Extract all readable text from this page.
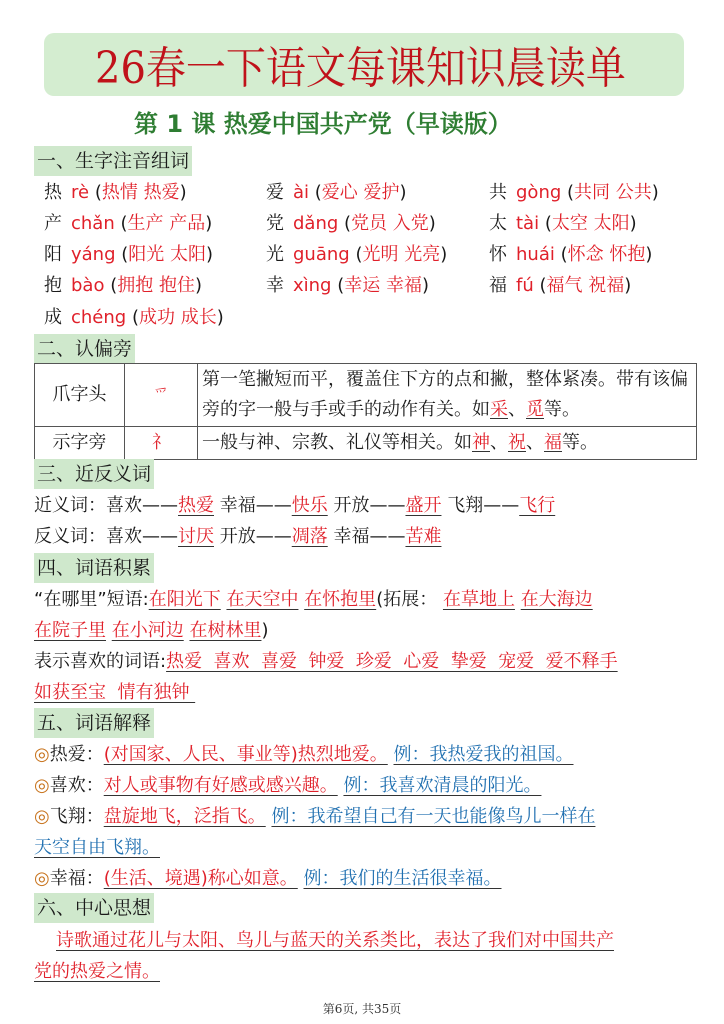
26春一下语文每课知识晨读单
第 1 课 热爱中国共产党（早读版）
一、生字注音组词
热 rè (热情 热爱)	爱 ài (爱心 爱护)	共 gòng (共同 公共)
产 chǎn (生产 产品)	党 dǎng (党员 入党)	太 tài (太空 太阳)
阳 yáng (阳光 太阳)	光 guāng (光明 光亮) 怀 huái (怀念 怀抱)
抱 bào (拥抱 抱住)	幸 xìng (幸运 幸福)	福 fú (福气 祝福)
成 chéng (成功 成长)
二、认偏旁
爪字头	爫	第一笔撇短而平，覆盖住下方的点和撇，整体紧凑。带有该偏旁的字一般与手或手的动作有关。如采、觅等。
示字旁	礻	一般与神、宗教、礼仪等相关。如神、祝、福等。
三、近反义词
近义词：喜欢——热爱 幸福——快乐 开放——盛开 飞翔——飞行
反义词：喜欢——讨厌 开放——凋落 幸福——苦难
四、词语积累
“在哪里”短语:在阳光下 在天空中 在怀抱里(拓展： 在草地上 在大海边
在院子里 在小河边 在树林里)
表示喜欢的词语:热爱  喜欢  喜爱  钟爱  珍爱  心爱  挚爱  宠爱  爱不释手
如获至宝  情有独钟
五、词语解释
◎热爱：(对国家、人民、事业等)热烈地爱。 例：我热爱我的祖国。
◎喜欢：对人或事物有好感或感兴趣。 例：我喜欢清晨的阳光。
◎飞翔：盘旋地飞，泛指飞。 例：我希望自己有一天也能像鸟儿一样在
天空自由飞翔。
◎幸福：(生活、境遇)称心如意。 例：我们的生活很幸福。
六、中心思想
诗歌通过花儿与太阳、鸟儿与蓝天的关系类比，表达了我们对中国共产
党的热爱之情。
第6页, 共35页
